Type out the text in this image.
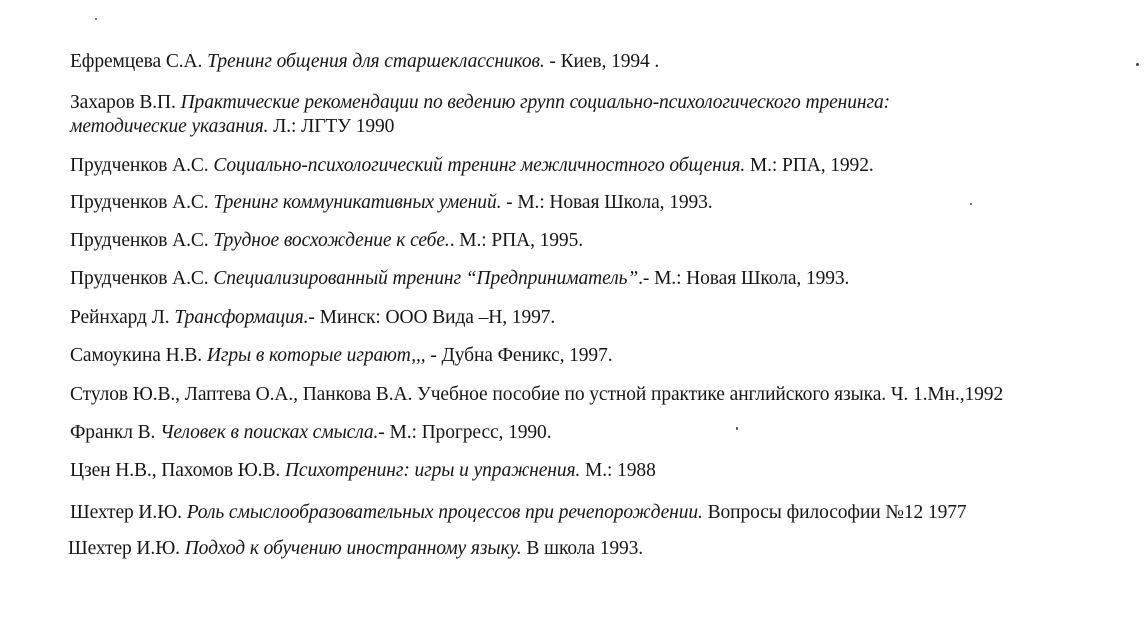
Ефремцева С.А. Тренинг общения для старшеклассников. - Киев, 1994 .
Захаров В.П. Практические рекомендации по ведению групп социально-психологического тренинга:
методические указания. Л.: ЛГТУ 1990
Прудченков А.С. Социально-психологический тренинг межличностного общения. М.: РПА, 1992.
Прудченков А.С. Тренинг коммуникативных умений. - М.: Новая Школа, 1993.
Прудченков А.С. Трудное восхождение к себе.. М.: РПА, 1995.
Прудченков А.С. Специализированный тренинг “Предприниматель”.- М.: Новая Школа, 1993.
Рейнхард Л. Трансформация.- Минск: ООО Вида –Н, 1997.
Самоукина Н.В. Игры в которые играют,,, - Дубна Феникс, 1997.
Стулов Ю.В., Лаптева О.А., Панкова В.А. Учебное пособие по устной практике английского языка. Ч. 1.Мн.,1992
Франкл В. Человек в поисках смысла.- М.: Прогресс, 1990.
Цзен Н.В., Пахомов Ю.В. Психотренинг: игры и упражнения. М.: 1988
Шехтер И.Ю. Роль смыслообразовательных процессов при речепорождении. Вопросы философии №12 1977
Шехтер И.Ю. Подход к обучению иностранному языку. В школа 1993.
